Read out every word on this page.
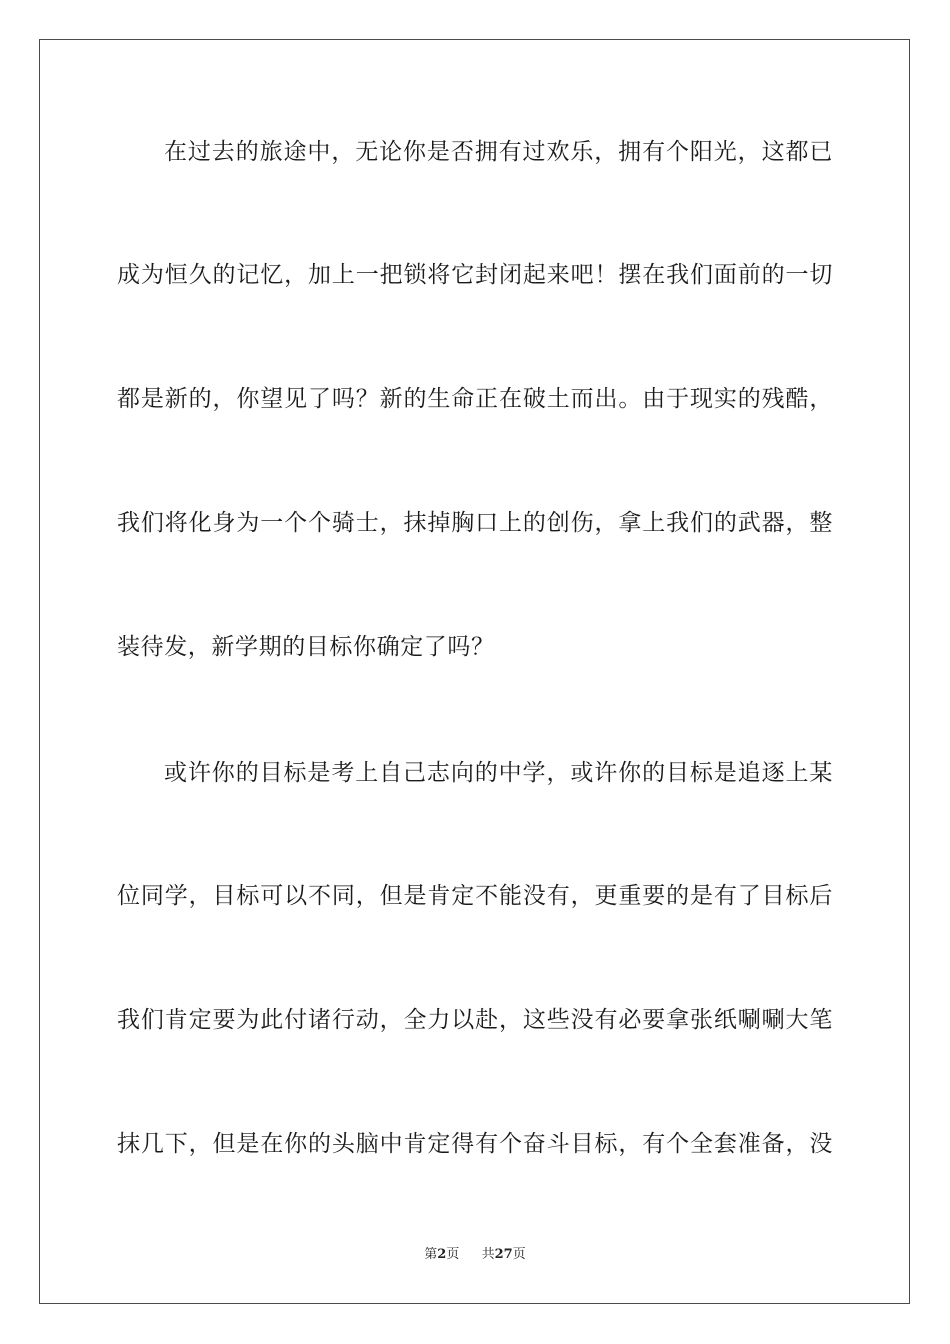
在过去的旅途中，无论你是否拥有过欢乐，拥有个阳光，这都已
成为恒久的记忆，加上一把锁将它封闭起来吧！摆在我们面前的一切
都是新的，你望见了吗？新的生命正在破土而出。由于现实的残酷，
我们将化身为一个个骑士，抹掉胸口上的创伤，拿上我们的武器，整
装待发，新学期的目标你确定了吗？
或许你的目标是考上自己志向的中学，或许你的目标是追逐上某
位同学，目标可以不同，但是肯定不能没有，更重要的是有了目标后
我们肯定要为此付诸行动，全力以赴，这些没有必要拿张纸唰唰大笔
抹几下，但是在你的头脑中肯定得有个奋斗目标，有个全套准备，没
第2页 共27页
